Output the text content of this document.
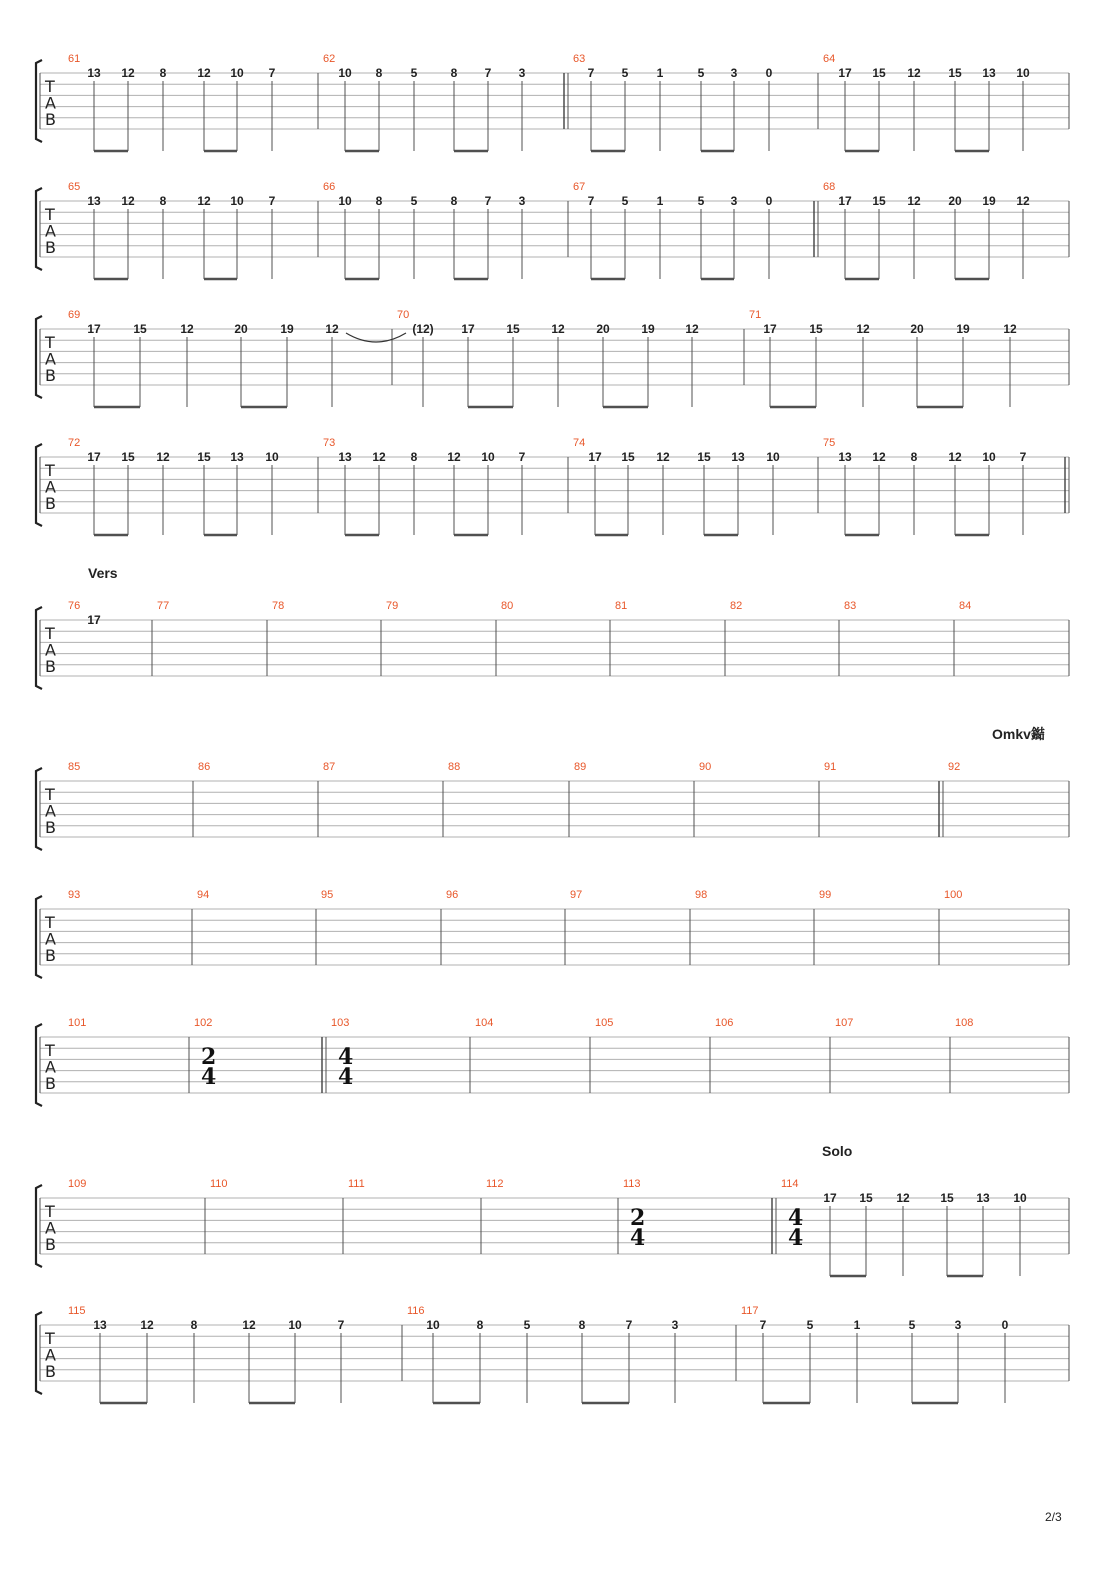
T
A
B
61
13 12 8	12 10 7
62
10 8 5	8 7 3
63
7 5 1	5 3 0
64
17 15 12 15 13 10
T
A
B
65
13 12 8	12 10 7
66
10 8 5	8 7 3
67
7 5 1	5 3 0
68
17 15 12 20 19 12
T
A
B
69
17	15	12	20	19	12
70
(12) 17	15	12	20	19	12
71
17	15	12	20	19	12
T
A
B
72
17 15 12 15 13 10
73
13 12 8 12 10 7
74
17 15 12 15 13 10
75
13 12 8	12 10 7
T
A
B
Vers
76
17
77	78	79	80	81	82	83	84
T
A
B
Omkv鐑
85	86	87	88	89	90	91	92
T
A
B
93	94	95	96	97	98	99	100
T
A
B
101	102
2
4
103
4
4
104	105	106	107	108
T
A
B
Solo
109	110	111	112	113
2
4
114
4
4
17 15 12	15 13 10
T
A
B
115
13	12	8	12	10	7
116
10	8	5	8	7	3
117
7	5	1	5	3	0
2/3
